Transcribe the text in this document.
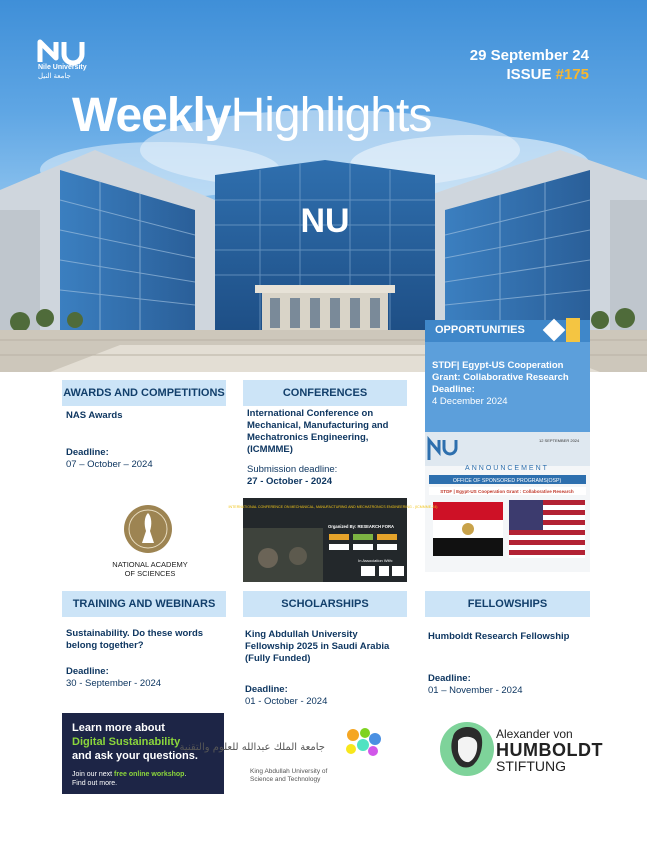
NU
Nile University
جامعة النيل
29 September 24
ISSUE #175
WeeklyHighlights
OPPORTUNITIES
STDF| Egypt-US Cooperation Grant: Collaborative Research
Deadline:
4 December 2024
12 SEPTEMBER 2024
ANNOUNCEMENT
OFFICE OF SPONSORED PROGRAMS(OSP)
STDF | Egypt-US Cooperation Grant : Collaborative Research
AWARDS AND COMPETITIONS
NAS Awards
Deadline:
07 – October – 2024
NATIONAL ACADEMY
OF SCIENCES
CONFERENCES
International Conference on Mechanical, Manufacturing and Mechatronics Engineering, (ICMMME)
Submission deadline:
27 - October - 2024
INTERNATIONAL CONFERENCE ON MECHANICAL, MANUFACTURING AND MECHATRONICS ENGINEERING - (ICMMME-24)
Organized By: RESEARCH FORA
In Association With:
TRAINING AND WEBINARS
Sustainability. Do these words belong together?
Deadline:
30 - September - 2024
Learn more about
Digital Sustainability
and ask your questions.
Join our next free online workshop.
Find out more.
SCHOLARSHIPS
King Abdullah University Fellowship 2025 in Saudi Arabia (Fully Funded)
Deadline:
01 - October - 2024
جامعة الملك عبدالله للعلوم والتقنية
King Abdullah University of
Science and Technology
FELLOWSHIPS
Humboldt Research Fellowship
Deadline:
01 – November - 2024
Alexander von
HUMBOLDT
STIFTUNG
